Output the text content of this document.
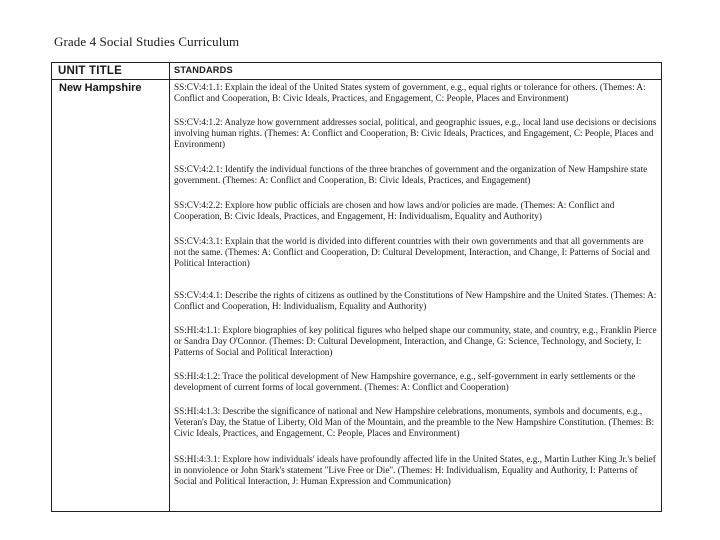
Grade 4 Social Studies Curriculum
UNIT TITLE	STANDARDS
New Hampshire	SS:CV:4:1.1: Explain the ideal of the United States system of government, e.g., equal rights or tolerance for others. (Themes: A: Conflict and Cooperation, B: Civic Ideals, Practices, and Engagement, C: People, Places and Environment)
SS:CV:4:1.2: Analyze how government addresses social, political, and geographic issues, e.g., local land use decisions or decisions involving human rights. (Themes: A: Conflict and Cooperation, B: Civic Ideals, Practices, and Engagement, C: People, Places and Environment)
SS:CV:4:2.1: Identify the individual functions of the three branches of government and the organization of New Hampshire state government. (Themes: A: Conflict and Cooperation, B: Civic Ideals, Practices, and Engagement)
SS:CV:4:2.2: Explore how public officials are chosen and how laws and/or policies are made. (Themes: A: Conflict and Cooperation, B: Civic Ideals, Practices, and Engagement, H: Individualism, Equality and Authority)
SS:CV:4:3.1: Explain that the world is divided into different countries with their own governments and that all governments are not the same. (Themes: A: Conflict and Cooperation, D: Cultural Development, Interaction, and Change, I: Patterns of Social and Political Interaction)
SS:CV:4:4.1: Describe the rights of citizens as outlined by the Constitutions of New Hampshire and the United States. (Themes: A: Conflict and Cooperation, H: Individualism, Equality and Authority)
SS:HI:4:1.1: Explore biographies of key political figures who helped shape our community, state, and country, e.g., Franklin Pierce or Sandra Day O'Connor. (Themes: D: Cultural Development, Interaction, and Change, G: Science, Technology, and Society, I: Patterns of Social and Political Interaction)
SS:HI:4:1.2: Trace the political development of New Hampshire governance, e.g., self-government in early settlements or the development of current forms of local government. (Themes: A: Conflict and Cooperation)
SS:HI:4:1.3: Describe the significance of national and New Hampshire celebrations, monuments, symbols and documents, e.g., Veteran's Day, the Statue of Liberty, Old Man of the Mountain, and the preamble to the New Hampshire Constitution. (Themes: B: Civic Ideals, Practices, and Engagement, C: People, Places and Environment)
SS:HI:4:3.1: Explore how individuals' ideals have profoundly affected life in the United States, e.g., Martin Luther King Jr.'s belief in nonviolence or John Stark's statement "Live Free or Die". (Themes: H: Individualism, Equality and Authority, I: Patterns of Social and Political Interaction, J: Human Expression and Communication)
